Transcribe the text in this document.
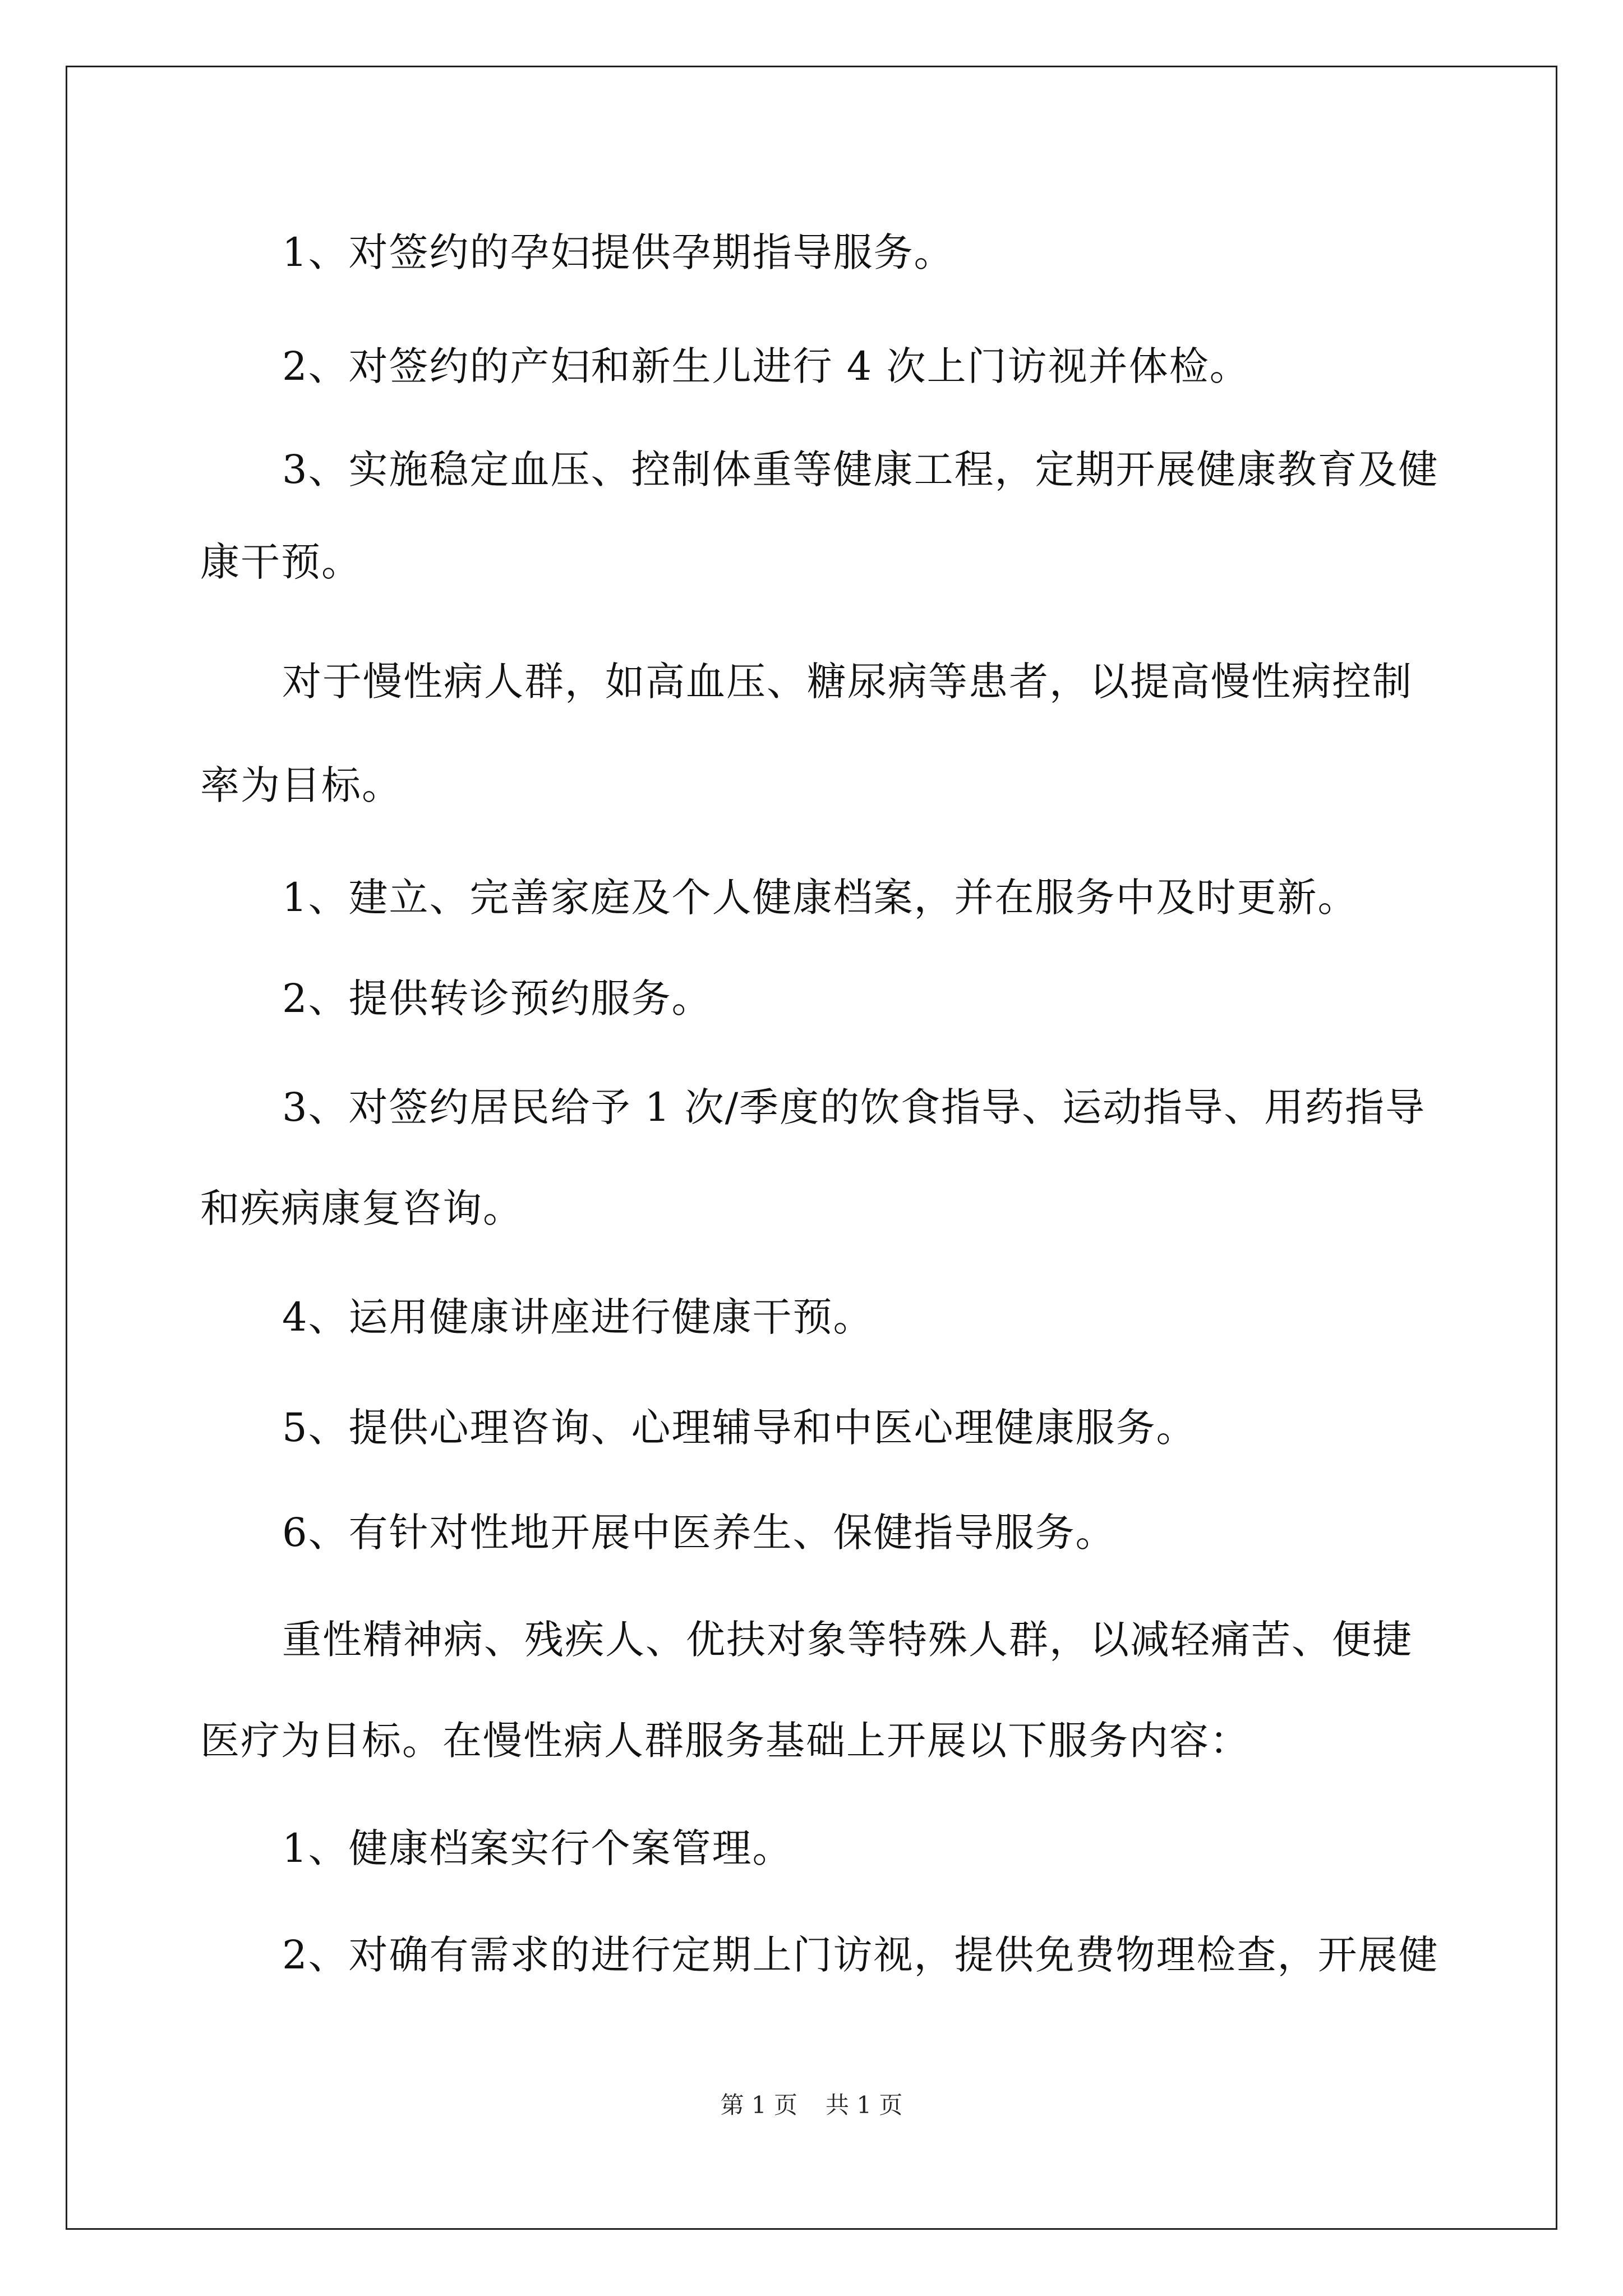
1、对签约的孕妇提供孕期指导服务。

2、对签约的产妇和新生儿进行 4 次上门访视并体检。

3、实施稳定血压、控制体重等健康工程，定期开展健康教育及健

康干预。

对于慢性病人群，如高血压、糖尿病等患者，以提高慢性病控制

率为目标。

1、建立、完善家庭及个人健康档案，并在服务中及时更新。

2、提供转诊预约服务。

3、对签约居民给予 1 次/季度的饮食指导、运动指导、用药指导

和疾病康复咨询。

4、运用健康讲座进行健康干预。

5、提供心理咨询、心理辅导和中医心理健康服务。

6、有针对性地开展中医养生、保健指导服务。

重性精神病、残疾人、优扶对象等特殊人群，以减轻痛苦、便捷

医疗为目标。在慢性病人群服务基础上开展以下服务内容：

1、健康档案实行个案管理。

2、对确有需求的进行定期上门访视，提供免费物理检查，开展健

第 1 页 共 1 页
